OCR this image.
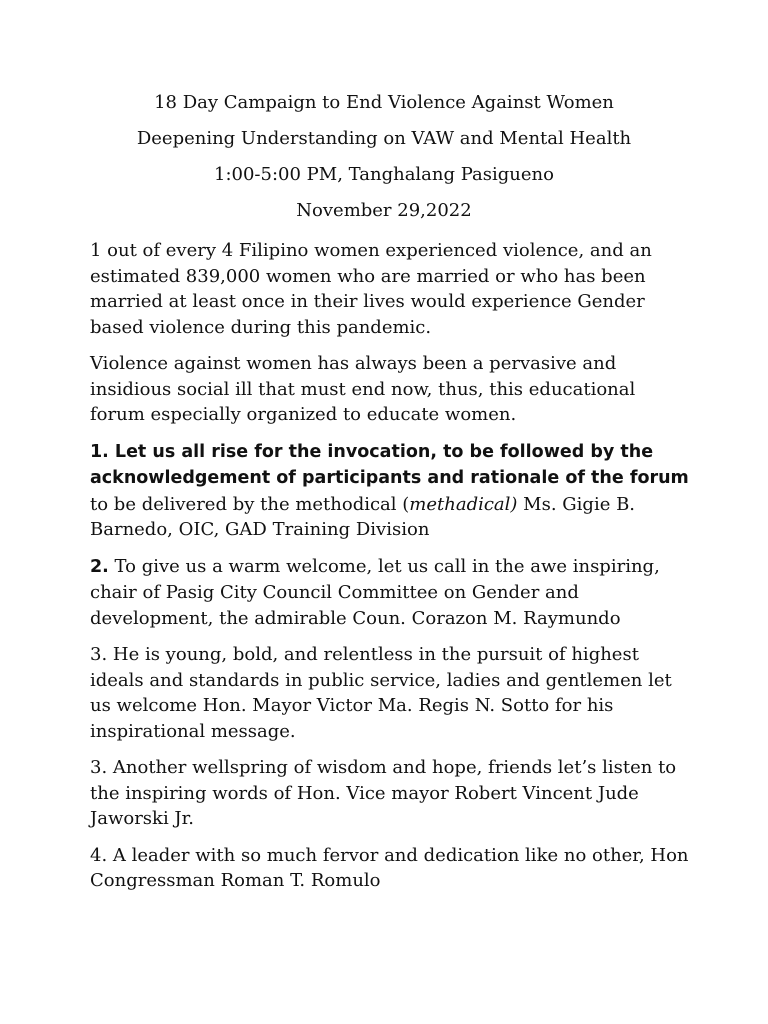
18 Day Campaign to End Violence Against Women
Deepening Understanding on VAW and Mental Health
1:00-5:00 PM, Tanghalang Pasigueno
November 29,2022

1 out of every 4 Filipino women experienced violence, and an estimated 839,000 women who are married or who has been married at least once in their lives would experience Gender based violence during this pandemic.

Violence against women has always been a pervasive and insidious social ill that must end now, thus, this educational forum especially organized to educate women.

1. Let us all rise for the invocation, to be followed by the acknowledgement of participants and rationale of the forum to be delivered by the methodical (methadical) Ms. Gigie B. Barnedo, OIC, GAD Training Division

2. To give us a warm welcome, let us call in the awe inspiring, chair of Pasig City Council Committee on Gender and development, the admirable Coun. Corazon M. Raymundo

3. He is young, bold, and relentless in the pursuit of highest ideals and standards in public service, ladies and gentlemen let us welcome Hon. Mayor Victor Ma. Regis N. Sotto for his inspirational message.

3. Another wellspring of wisdom and hope, friends let’s listen to the inspiring words of Hon. Vice mayor Robert Vincent Jude Jaworski Jr.

4. A leader with so much fervor and dedication like no other, Hon Congressman Roman T. Romulo
